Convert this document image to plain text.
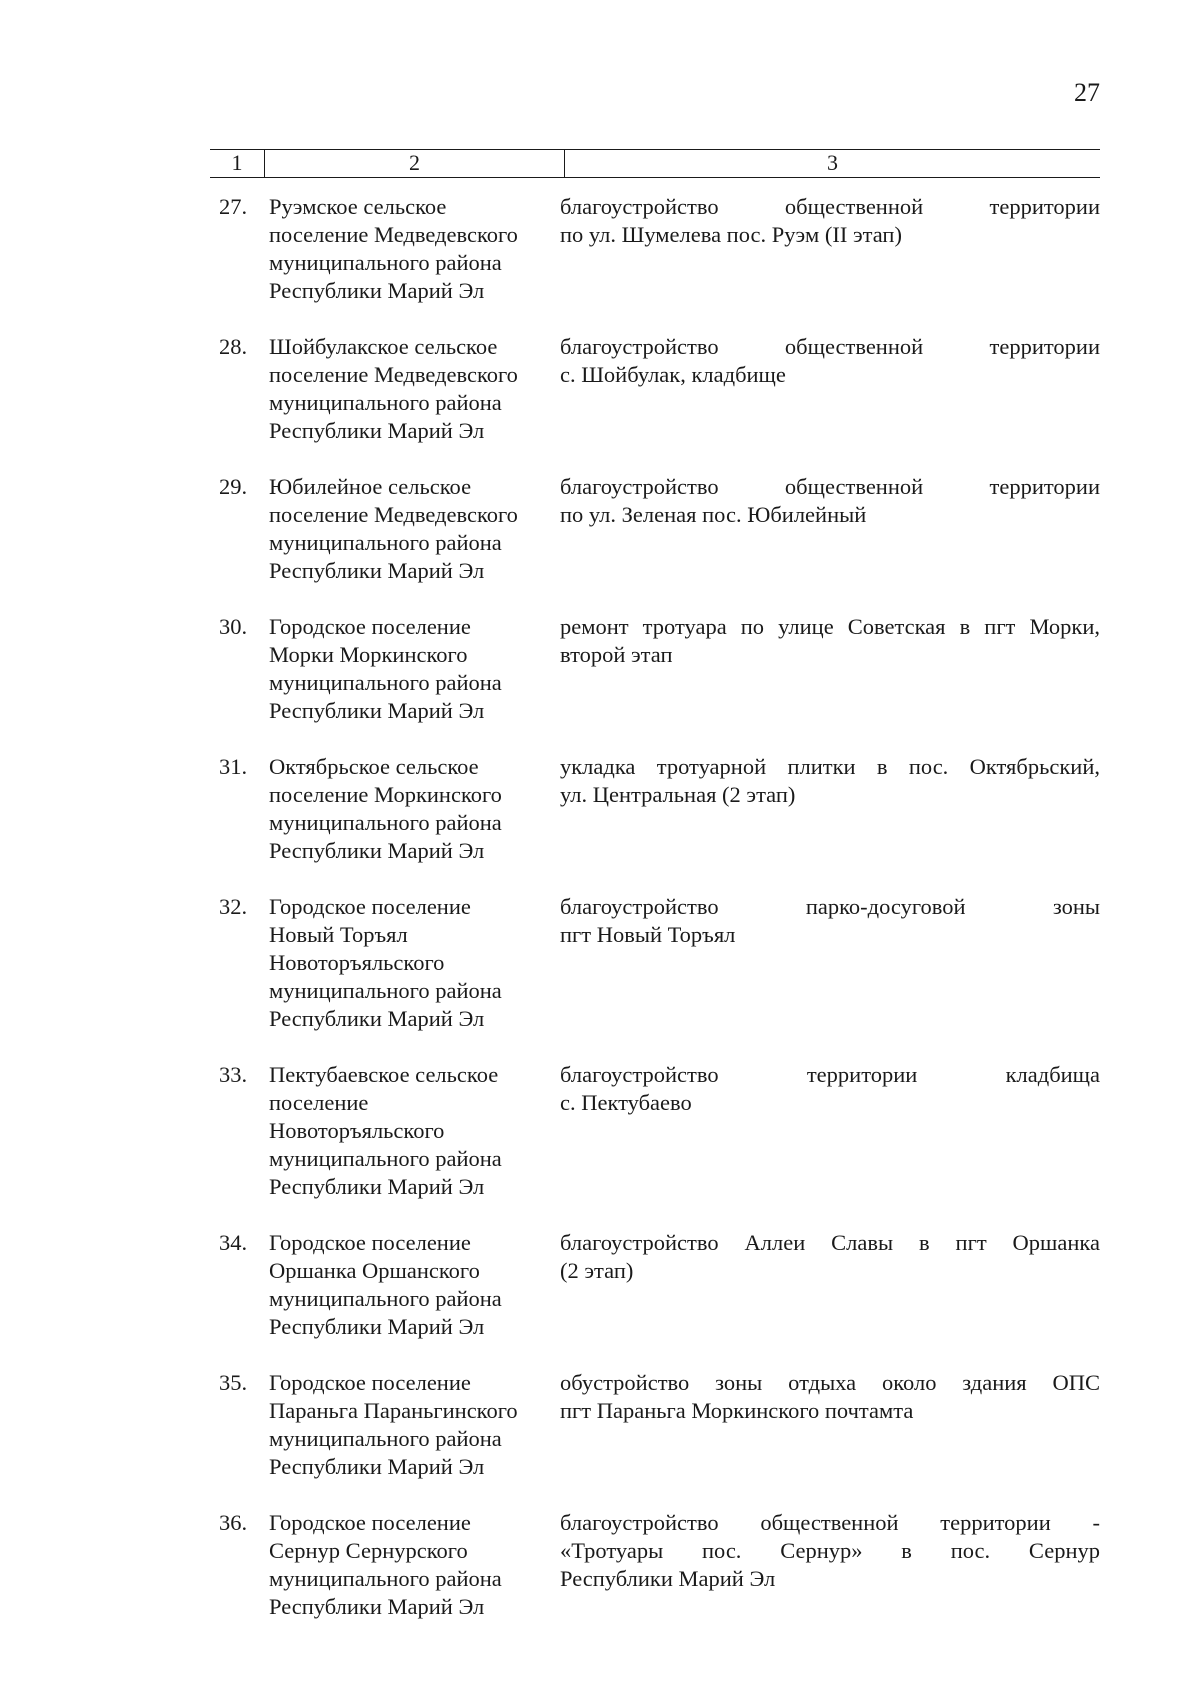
27
1	2	3
27. Руэмское сельское
поселение Медведевского
муниципального района
Республики Марий Эл
благоустройство общественной территории
по ул. Шумелева пос. Руэм (II этап)
28. Шойбулакское сельское
поселение Медведевского
муниципального района
Республики Марий Эл
благоустройство общественной территории
с. Шойбулак, кладбище
29. Юбилейное сельское
поселение Медведевского
муниципального района
Республики Марий Эл
благоустройство общественной территории
по ул. Зеленая пос. Юбилейный
30. Городское поселение
Морки Моркинского
муниципального района
Республики Марий Эл
ремонт тротуара по улице Советская в пгт Морки,
второй этап
31. Октябрьское сельское
поселение Моркинского
муниципального района
Республики Марий Эл
укладка тротуарной плитки в пос. Октябрьский,
ул. Центральная (2 этап)
32. Городское поселение
Новый Торъял
Новоторъяльского
муниципального района
Республики Марий Эл
благоустройство парко-досуговой зоны
пгт Новый Торъял
33. Пектубаевское сельское
поселение
Новоторъяльского
муниципального района
Республики Марий Эл
благоустройство территории кладбища
с. Пектубаево
34. Городское поселение
Оршанка Оршанского
муниципального района
Республики Марий Эл
благоустройство Аллеи Славы в пгт Оршанка
(2 этап)
35. Городское поселение
Параньга Параньгинского
муниципального района
Республики Марий Эл
обустройство зоны отдыха около здания ОПС
пгт Параньга Моркинского почтамта
36. Городское поселение
Сернур Сернурского
муниципального района
Республики Марий Эл
благоустройство общественной территории -
«Тротуары пос. Сернур» в пос. Сернур
Республики Марий Эл
